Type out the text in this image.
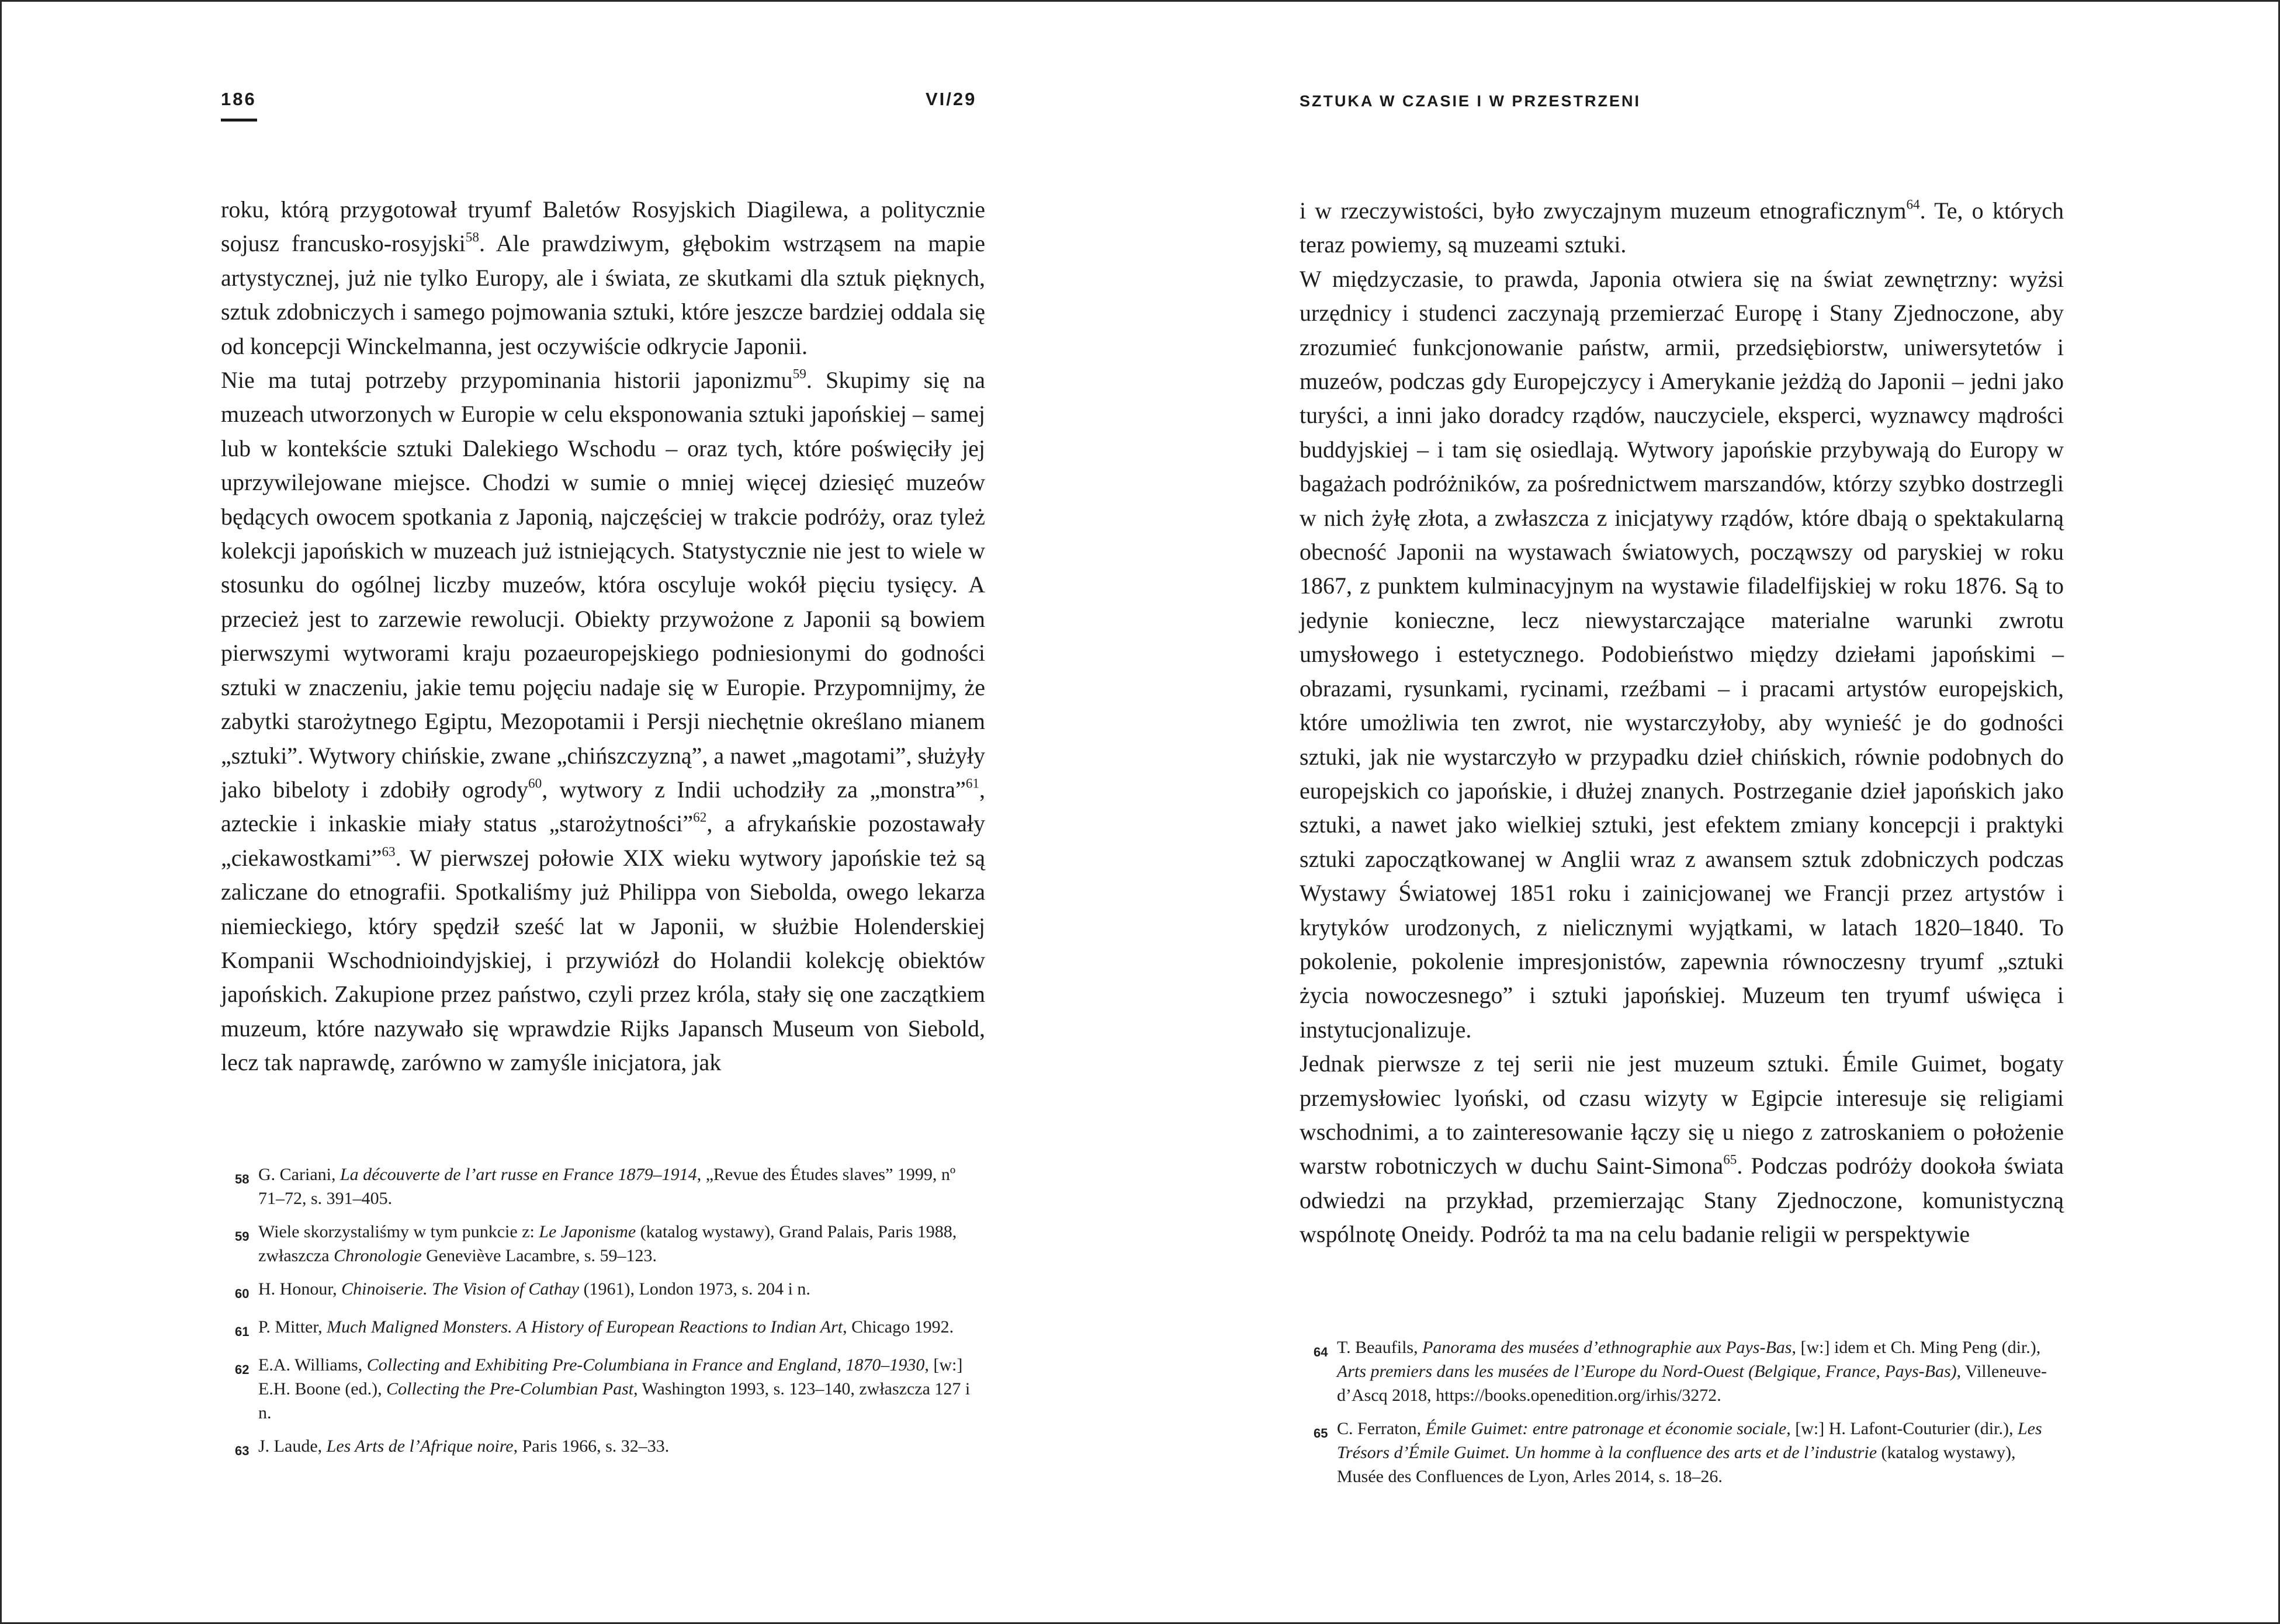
186	VI/29	SZTUKA W CZASIE I W PRZESTRZENI

roku, którą przygotował tryumf Baletów Rosyjskich Diagilewa, a politycznie sojusz francusko-rosyjski$^{58}$. Ale prawdziwym, głębokim wstrząsem na mapie artystycznej, już nie tylko Europy, ale i świata, ze skutkami dla sztuk pięknych, sztuk zdobniczych i samego pojmowania sztuki, które jeszcze bardziej oddala się od koncepcji Winckelmanna, jest oczywiście odkrycie Japonii.

Nie ma tutaj potrzeby przypominania historii japonizmu$^{59}$. Skupimy się na muzeach utworzonych w Europie w celu eksponowania sztuki japońskiej – samej lub w kontekście sztuki Dalekiego Wschodu – oraz tych, które poświęciły jej uprzywilejowane miejsce. Chodzi w sumie o mniej więcej dziesięć muzeów będących owocem spotkania z Japonią, najczęściej w trakcie podróży, oraz tyleż kolekcji japońskich w muzeach już istniejących. Statystycznie nie jest to wiele w stosunku do ogólnej liczby muzeów, która oscyluje wokół pięciu tysięcy. A przecież jest to zarzewie rewolucji. Obiekty przywożone z Japonii są bowiem pierwszymi wytworami kraju pozaeuropejskiego podniesionymi do godności sztuki w znaczeniu, jakie temu pojęciu nadaje się w Europie. Przypomnijmy, że zabytki starożytnego Egiptu, Mezopotamii i Persji niechętnie określano mianem „sztuki”. Wytwory chińskie, zwane „chińszczyzną”, a nawet „magotami”, służyły jako bibeloty i zdobiły ogrody$^{60}$, wytwory z Indii uchodziły za „monstra”$^{61}$, azteckie i inkaskie miały status „starożytności”$^{62}$, a afrykańskie pozostawały „ciekawostkami”$^{63}$. W pierwszej połowie XIX wieku wytwory japońskie też są zaliczane do etnografii. Spotkaliśmy już Philippa von Siebolda, owego lekarza niemieckiego, który spędził sześć lat w Japonii, w służbie Holenderskiej Kompanii Wschodnioindyjskiej, i przywiózł do Holandii kolekcję obiektów japońskich. Zakupione przez państwo, czyli przez króla, stały się one zaczątkiem muzeum, które nazywało się wprawdzie Rijks Japansch Museum von Siebold, lecz tak naprawdę, zarówno w zamyśle inicjatora, jak

i w rzeczywistości, było zwyczajnym muzeum etnograficznym$^{64}$. Te, o których teraz powiemy, są muzeami sztuki.

W międzyczasie, to prawda, Japonia otwiera się na świat zewnętrzny: wyżsi urzędnicy i studenci zaczynają przemierzać Europę i Stany Zjednoczone, aby zrozumieć funkcjonowanie państw, armii, przedsiębiorstw, uniwersytetów i muzeów, podczas gdy Europejczycy i Amerykanie jeżdżą do Japonii – jedni jako turyści, a inni jako doradcy rządów, nauczyciele, eksperci, wyznawcy mądrości buddyjskiej – i tam się osiedlają. Wytwory japońskie przybywają do Europy w bagażach podróżników, za pośrednictwem marszandów, którzy szybko dostrzegli w nich żyłę złota, a zwłaszcza z inicjatywy rządów, które dbają o spektakularną obecność Japonii na wystawach światowych, począwszy od paryskiej w roku 1867, z punktem kulminacyjnym na wystawie filadelfijskiej w roku 1876. Są to jedynie konieczne, lecz niewystarczające materialne warunki zwrotu umysłowego i estetycznego. Podobieństwo między dziełami japońskimi – obrazami, rysunkami, rycinami, rzeźbami – i pracami artystów europejskich, które umożliwia ten zwrot, nie wystarczyłoby, aby wynieść je do godności sztuki, jak nie wystarczyło w przypadku dzieł chińskich, równie podobnych do europejskich co japońskie, i dłużej znanych. Postrzeganie dzieł japońskich jako sztuki, a nawet jako wielkiej sztuki, jest efektem zmiany koncepcji i praktyki sztuki zapoczątkowanej w Anglii wraz z awansem sztuk zdobniczych podczas Wystawy Światowej 1851 roku i zainicjowanej we Francji przez artystów i krytyków urodzonych, z nielicznymi wyjątkami, w latach 1820–1840. To pokolenie, pokolenie impresjonistów, zapewnia równoczesny tryumf „sztuki życia nowoczesnego” i sztuki japońskiej. Muzeum ten tryumf uświęca i instytucjonalizuje.

Jednak pierwsze z tej serii nie jest muzeum sztuki. Émile Guimet, bogaty przemysłowiec lyoński, od czasu wizyty w Egipcie interesuje się religiami wschodnimi, a to zainteresowanie łączy się u niego z zatroskaniem o położenie warstw robotniczych w duchu Saint-Simona$^{65}$. Podczas podróży dookoła świata odwiedzi na przykład, przemierzając Stany Zjednoczone, komunistyczną wspólnotę Oneidy. Podróż ta ma na celu badanie religii w perspektywie

58 G. Cariani, La découverte de l’art russe en France 1879–1914, „Revue des Études slaves” 1999, nº 71–72, s. 391–405.
59 Wiele skorzystaliśmy w tym punkcie z: Le Japonisme (katalog wystawy), Grand Palais, Paris 1988, zwłaszcza Chronologie Geneviève Lacambre, s. 59–123.
60 H. Honour, Chinoiserie. The Vision of Cathay (1961), London 1973, s. 204 i n.
61 P. Mitter, Much Maligned Monsters. A History of European Reactions to Indian Art, Chicago 1992.
62 E.A. Williams, Collecting and Exhibiting Pre-Columbiana in France and England, 1870–1930, [w:] E.H. Boone (ed.), Collecting the Pre-Columbian Past, Washington 1993, s. 123–140, zwłaszcza 127 i n.
63 J. Laude, Les Arts de l’Afrique noire, Paris 1966, s. 32–33.
64 T. Beaufils, Panorama des musées d’ethnographie aux Pays-Bas, [w:] idem et Ch. Ming Peng (dir.), Arts premiers dans les musées de l’Europe du Nord-Ouest (Belgique, France, Pays-Bas), Villeneuve-d’Ascq 2018, https://books.openedition.org/irhis/3272.
65 C. Ferraton, Émile Guimet: entre patronage et économie sociale, [w:] H. Lafont-Couturier (dir.), Les Trésors d’Émile Guimet. Un homme à la confluence des arts et de l’industrie (katalog wystawy), Musée des Confluences de Lyon, Arles 2014, s. 18–26.
